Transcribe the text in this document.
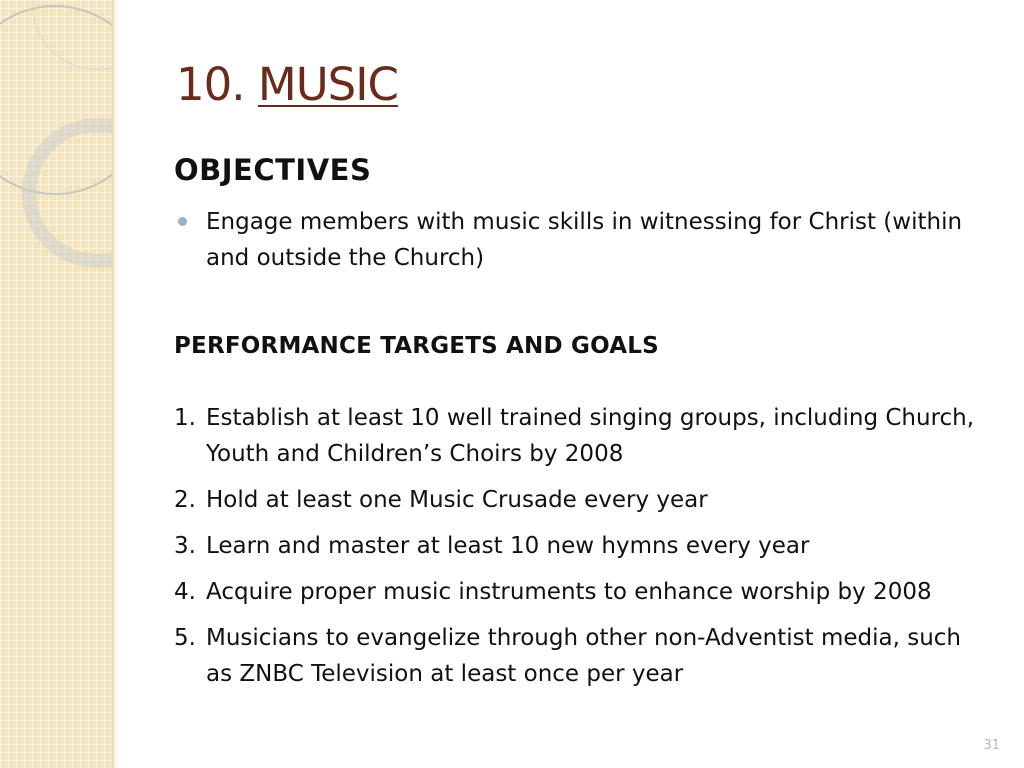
10. MUSIC
OBJECTIVES
Engage members with music skills in witnessing for Christ (within and outside the Church)
PERFORMANCE TARGETS AND GOALS
1. Establish at least 10 well trained singing groups, including Church, Youth and Children’s Choirs by 2008
2. Hold at least one Music Crusade every year
3. Learn and master at least 10 new hymns every year
4. Acquire proper music instruments to enhance worship by 2008
5. Musicians to evangelize through other non-Adventist media, such as ZNBC Television at least once per year
31
